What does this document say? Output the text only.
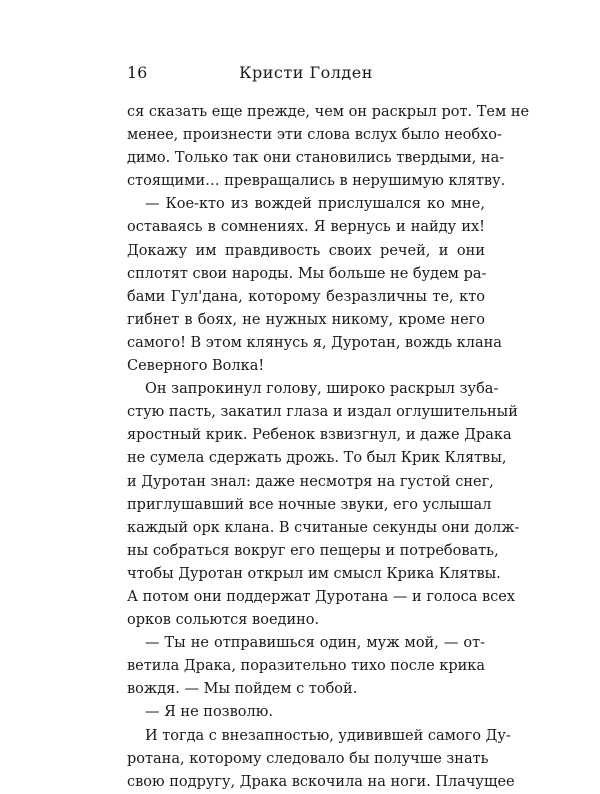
16	Кристи Голден
ся сказать еще прежде, чем он раскрыл рот. Тем не
менее, произнести эти слова вслух было необхо-
димо. Только так они становились твердыми, на-
стоящими… превращались в нерушимую клятву.
— Кое-кто из вождей прислушался ко мне,
оставаясь в сомнениях. Я вернусь и найду их!
Докажу им правдивость своих речей, и они
сплотят свои народы. Мы больше не будем ра-
бами Гул'дана, которому безразличны те, кто
гибнет в боях, не нужных никому, кроме него
самого! В этом клянусь я, Дуротан, вождь клана
Северного Волка!
Он запрокинул голову, широко раскрыл зуба-
стую пасть, закатил глаза и издал оглушительный
яростный крик. Ребенок взвизгнул, и даже Драка
не сумела сдержать дрожь. То был Крик Клятвы,
и Дуротан знал: даже несмотря на густой снег,
приглушавший все ночные звуки, его услышал
каждый орк клана. В считаные секунды они долж-
ны собраться вокруг его пещеры и потребовать,
чтобы Дуротан открыл им смысл Крика Клятвы.
А потом они поддержат Дуротана — и голоса всех
орков сольются воедино.
— Ты не отправишься один, муж мой, — от-
ветила Драка, поразительно тихо после крика
вождя. — Мы пойдем с тобой.
— Я не позволю.
И тогда с внезапностью, удивившей самого Ду-
ротана, которому следовало бы получше знать
свою подругу, Драка вскочила на ноги. Плачущее
